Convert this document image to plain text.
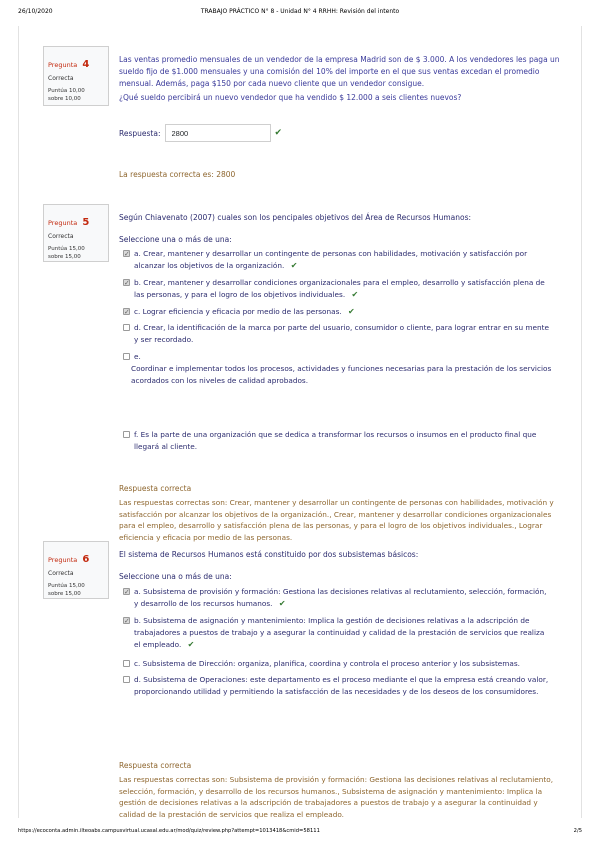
26/10/2020	TRABAJO PRÁCTICO N° 8 - Unidad N° 4 RRHH: Revisión del intento
Pregunta 4
Correcta
Puntúa 10,00
sobre 10,00
Las ventas promedio mensuales de un vendedor de la empresa Madrid son de $ 3.000. A los vendedores les paga un sueldo fijo de $1.000 mensuales y una comisión del 10% del importe en el que sus ventas excedan el promedio mensual. Además, paga $150 por cada nuevo cliente que un vendedor consigue.
¿Qué sueldo percibirá un nuevo vendedor que ha vendido $ 12.000 a seis clientes nuevos?
Respuesta:
2800	✔
La respuesta correcta es: 2800
Pregunta 5
Correcta
Puntúa 15,00
sobre 15,00
Según Chiavenato (2007) cuales son los pencipales objetivos del Área de Recursos Humanos:
Seleccione una o más de una:
✓
a. Crear, mantener y desarrollar un contingente de personas con habilidades, motivación y satisfacción por alcanzar los objetivos de la organización. ✔
✓
b. Crear, mantener y desarrollar condiciones organizacionales para el empleo, desarrollo y satisfacción plena de las personas, y para el logro de los objetivos individuales. ✔
✓
c. Lograr eficiencia y eficacia por medio de las personas. ✔
d. Crear, la identificación de la marca por parte del usuario, consumidor o cliente, para lograr entrar en su mente y ser recordado.
e.
Coordinar e implementar todos los procesos, actividades y funciones necesarias para la prestación de los servicios acordados con los niveles de calidad aprobados.
f. Es la parte de una organización que se dedica a transformar los recursos o insumos en el producto final que llegará al cliente.
Respuesta correcta
Las respuestas correctas son: Crear, mantener y desarrollar un contingente de personas con habilidades, motivación y satisfacción por alcanzar los objetivos de la organización., Crear, mantener y desarrollar condiciones organizacionales para el empleo, desarrollo y satisfacción plena de las personas, y para el logro de los objetivos individuales., Lograr eficiencia y eficacia por medio de las personas.
Pregunta 6
Correcta
Puntúa 15,00
sobre 15,00
El sistema de Recursos Humanos está constituido por dos subsistemas básicos:
Seleccione una o más de una:
✓
a. Subsistema de provisión y formación: Gestiona las decisiones relativas al reclutamiento, selección, formación, y desarrollo de los recursos humanos. ✔
✓
b. Subsistema de asignación y mantenimiento: Implica la gestión de decisiones relativas a la adscripción de trabajadores a puestos de trabajo y a asegurar la continuidad y calidad de la prestación de servicios que realiza el empleado. ✔
c. Subsistema de Dirección: organiza, planifica, coordina y controla el proceso anterior y los subsistemas.
d. Subsistema de Operaciones: este departamento es el proceso mediante el que la empresa está creando valor, proporcionando utilidad y permitiendo la satisfacción de las necesidades y de los deseos de los consumidores.
Respuesta correcta
Las respuestas correctas son: Subsistema de provisión y formación: Gestiona las decisiones relativas al reclutamiento, selección, formación, y desarrollo de los recursos humanos., Subsistema de asignación y mantenimiento: Implica la gestión de decisiones relativas a la adscripción de trabajadores a puestos de trabajo y a asegurar la continuidad y calidad de la prestación de servicios que realiza el empleado.
https://ecoconta.admin.ilteoabs.campusvirtual.ucasal.edu.ar/mod/quiz/review.php?attempt=1013418&cmid=58111	2/5
